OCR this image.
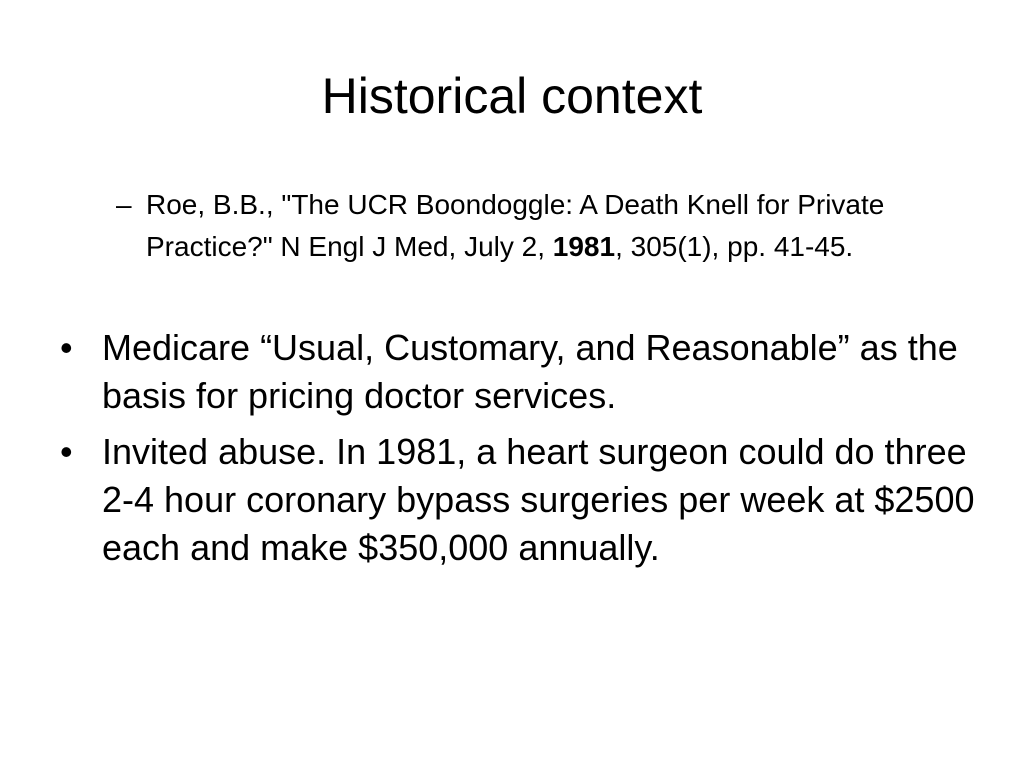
Historical context
– Roe, B.B., "The UCR Boondoggle: A Death Knell for Private Practice?" N Engl J Med, July 2, 1981, 305(1), pp. 41-45.
• Medicare “Usual, Customary, and Reasonable” as the basis for pricing doctor services.
• Invited abuse. In 1981, a heart surgeon could do three 2-4 hour coronary bypass surgeries per week at $2500 each and make $350,000 annually.
